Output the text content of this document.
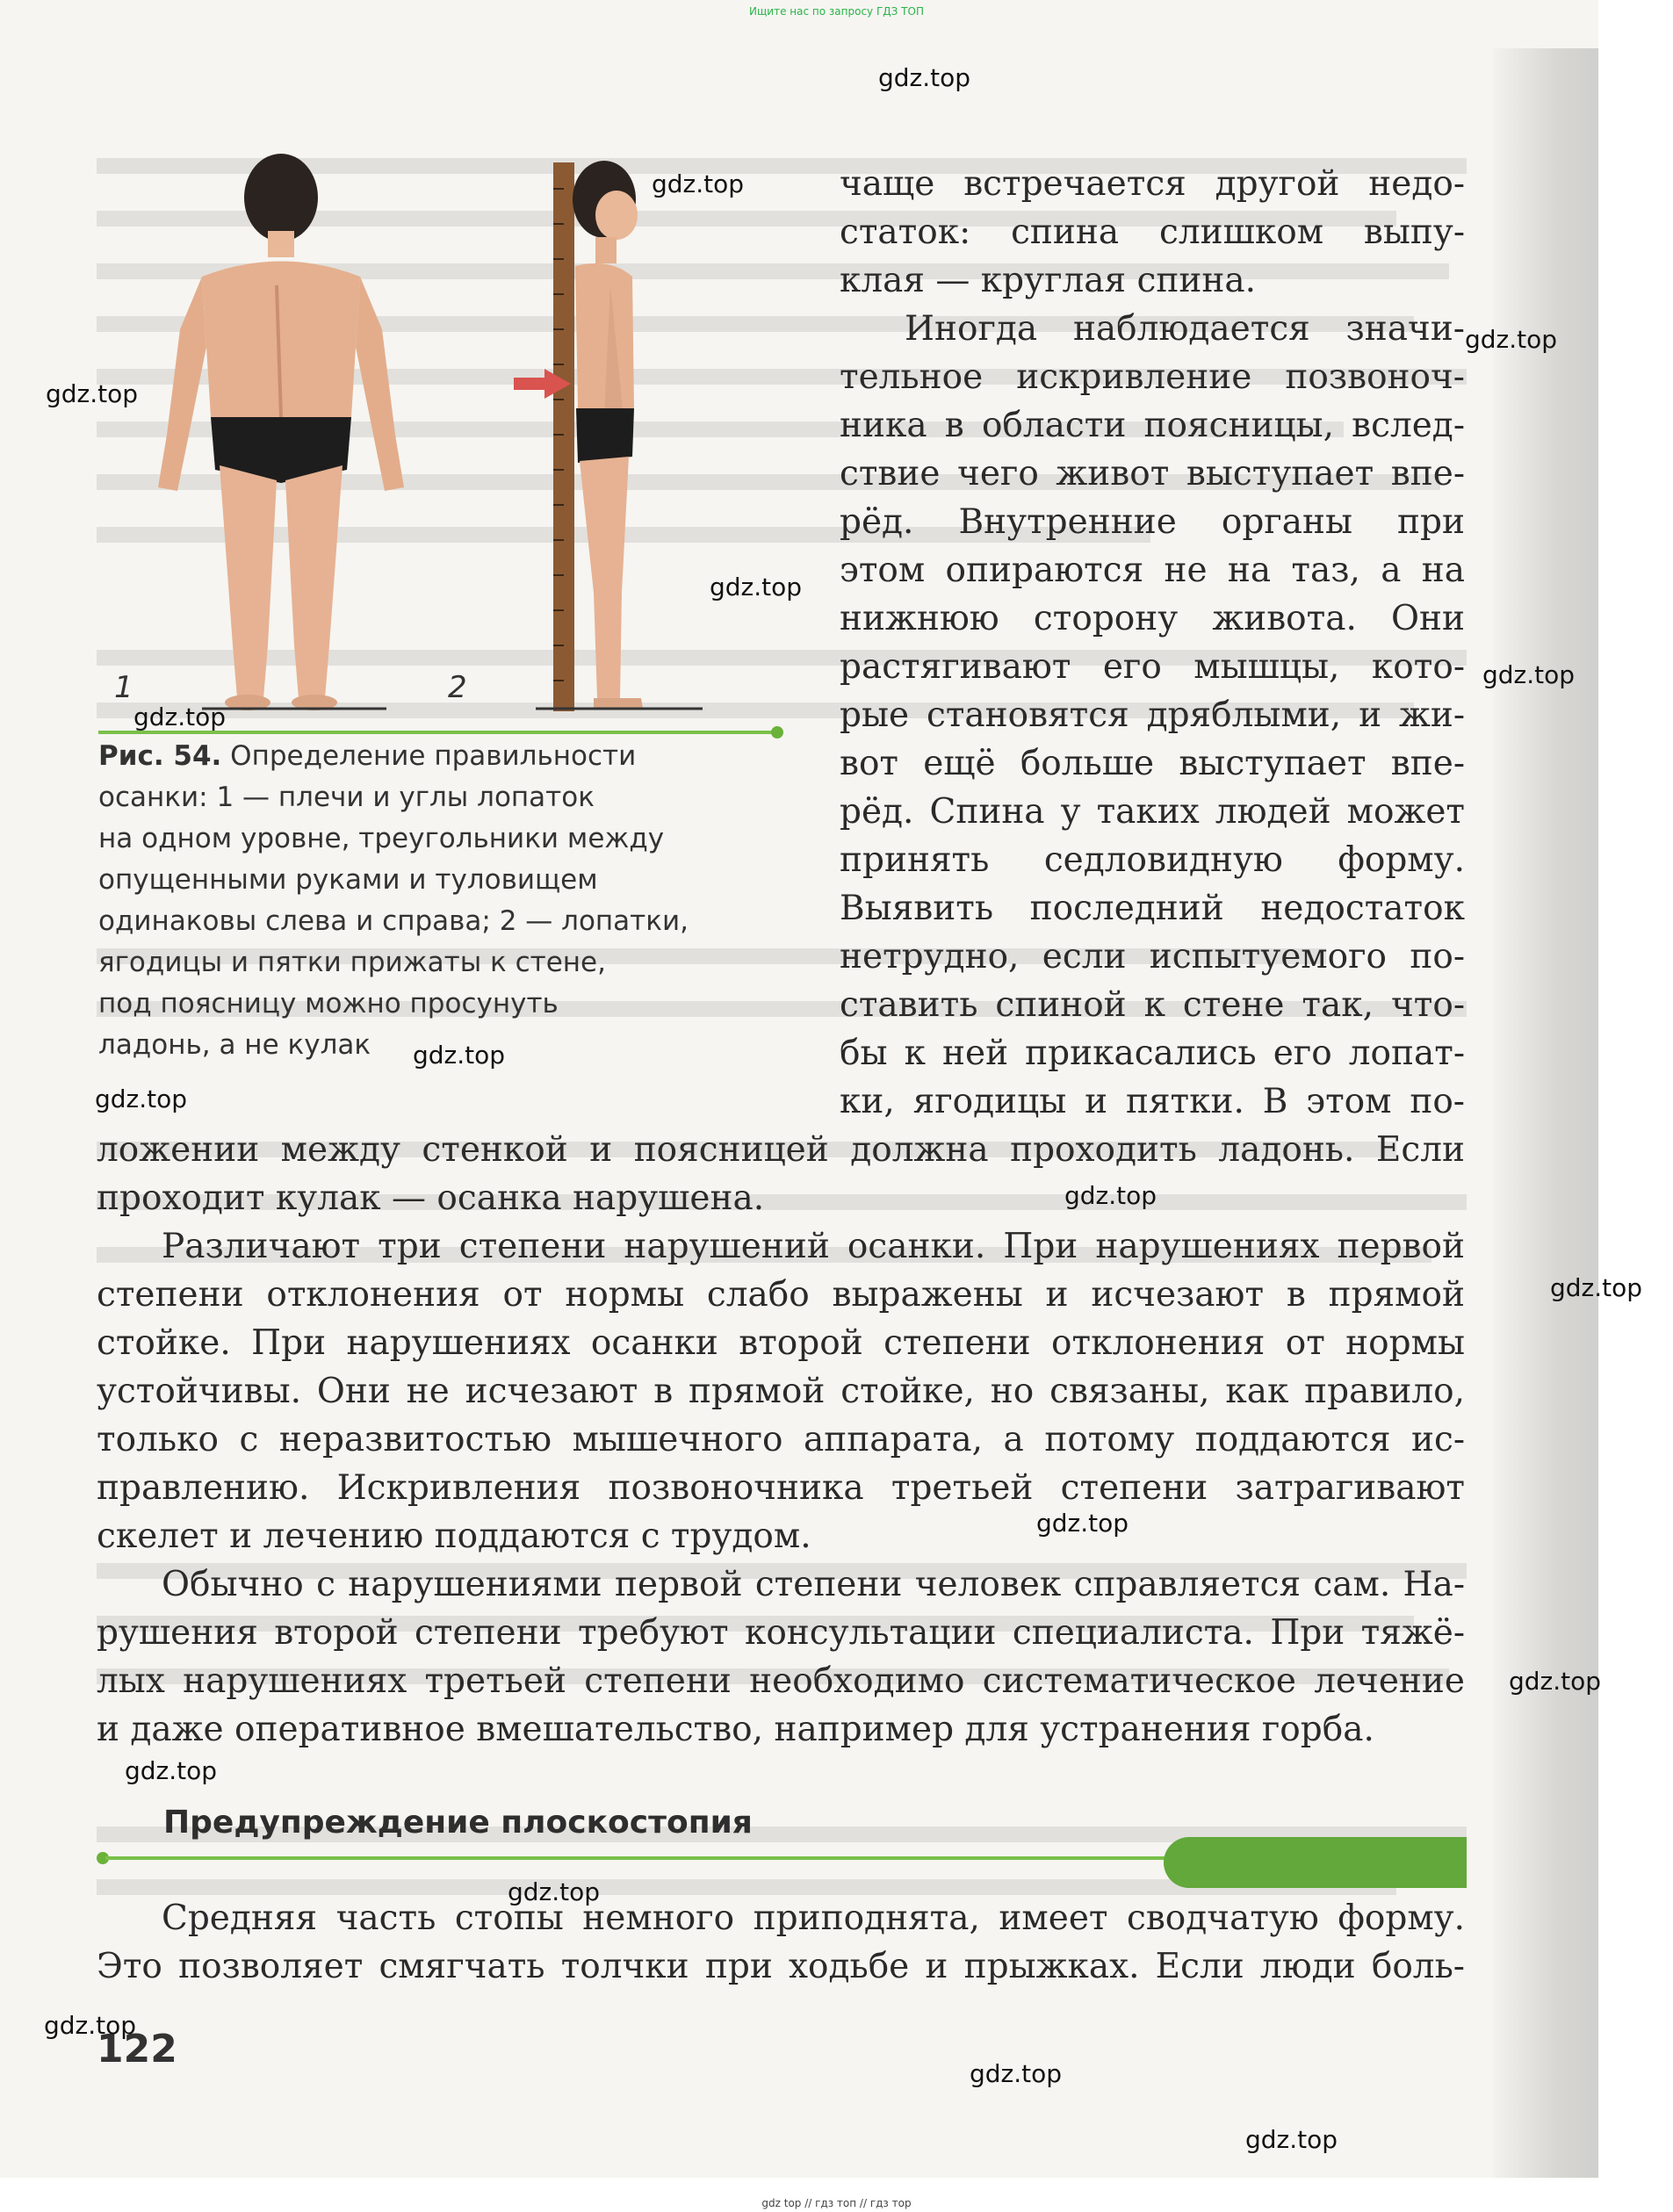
1	2
Рис. 54. Определение правильности
осанки: 1 — плечи и углы лопаток
на одном уровне, треугольники между
опущенными руками и туловищем
одинаковы слева и справа; 2 — лопатки,
ягодицы и пятки прижаты к стене,
под поясницу можно просунуть
ладонь, а не кулак
чаще встречается другой недо-
статок: спина слишком выпу-
клая — круглая спина.
Иногда наблюдается значи-
тельное искривление позвоноч-
ника в области поясницы, вслед-
ствие чего живот выступает впе-
рёд. Внутренние органы при
этом опираются не на таз, а на
нижнюю сторону живота. Они
растягивают его мышцы, кото-
рые становятся дряблыми, и жи-
вот ещё больше выступает впе-
рёд. Спина у таких людей может
принять седловидную форму.
Выявить последний недостаток
нетрудно, если испытуемого по-
ставить спиной к стене так, что-
бы к ней прикасались его лопат-
ки, ягодицы и пятки. В этом по-
ложении между стенкой и поясницей должна проходить ладонь. Если
проходит кулак — осанка нарушена.
Различают три степени нарушений осанки. При нарушениях первой
степени отклонения от нормы слабо выражены и исчезают в прямой
стойке. При нарушениях осанки второй степени отклонения от нормы
устойчивы. Они не исчезают в прямой стойке, но связаны, как правило,
только с неразвитостью мышечного аппарата, а потому поддаются ис-
правлению. Искривления позвоночника третьей степени затрагивают
скелет и лечению поддаются с трудом.
Обычно с нарушениями первой степени человек справляется сам. На-
рушения второй степени требуют консультации специалиста. При тяжё-
лых нарушениях третьей степени необходимо систематическое лечение
и даже оперативное вмешательство, например для устранения горба.
Предупреждение плоскостопия
Средняя часть стопы немного приподнята, имеет сводчатую форму.
Это позволяет смягчать толчки при ходьбе и прыжках. Если люди боль-
122
gdz.top
gdz.top
gdz.top
gdz.top
gdz.top
gdz.top
gdz.top
gdz.top
gdz.top
gdz.top
gdz.top
gdz.top
gdz.top
gdz.top
gdz.top
gdz.top
gdz.top
gdz.top
Ищите нас по запросу ГДЗ ТОП
gdz top // гдз топ // гдз тор
